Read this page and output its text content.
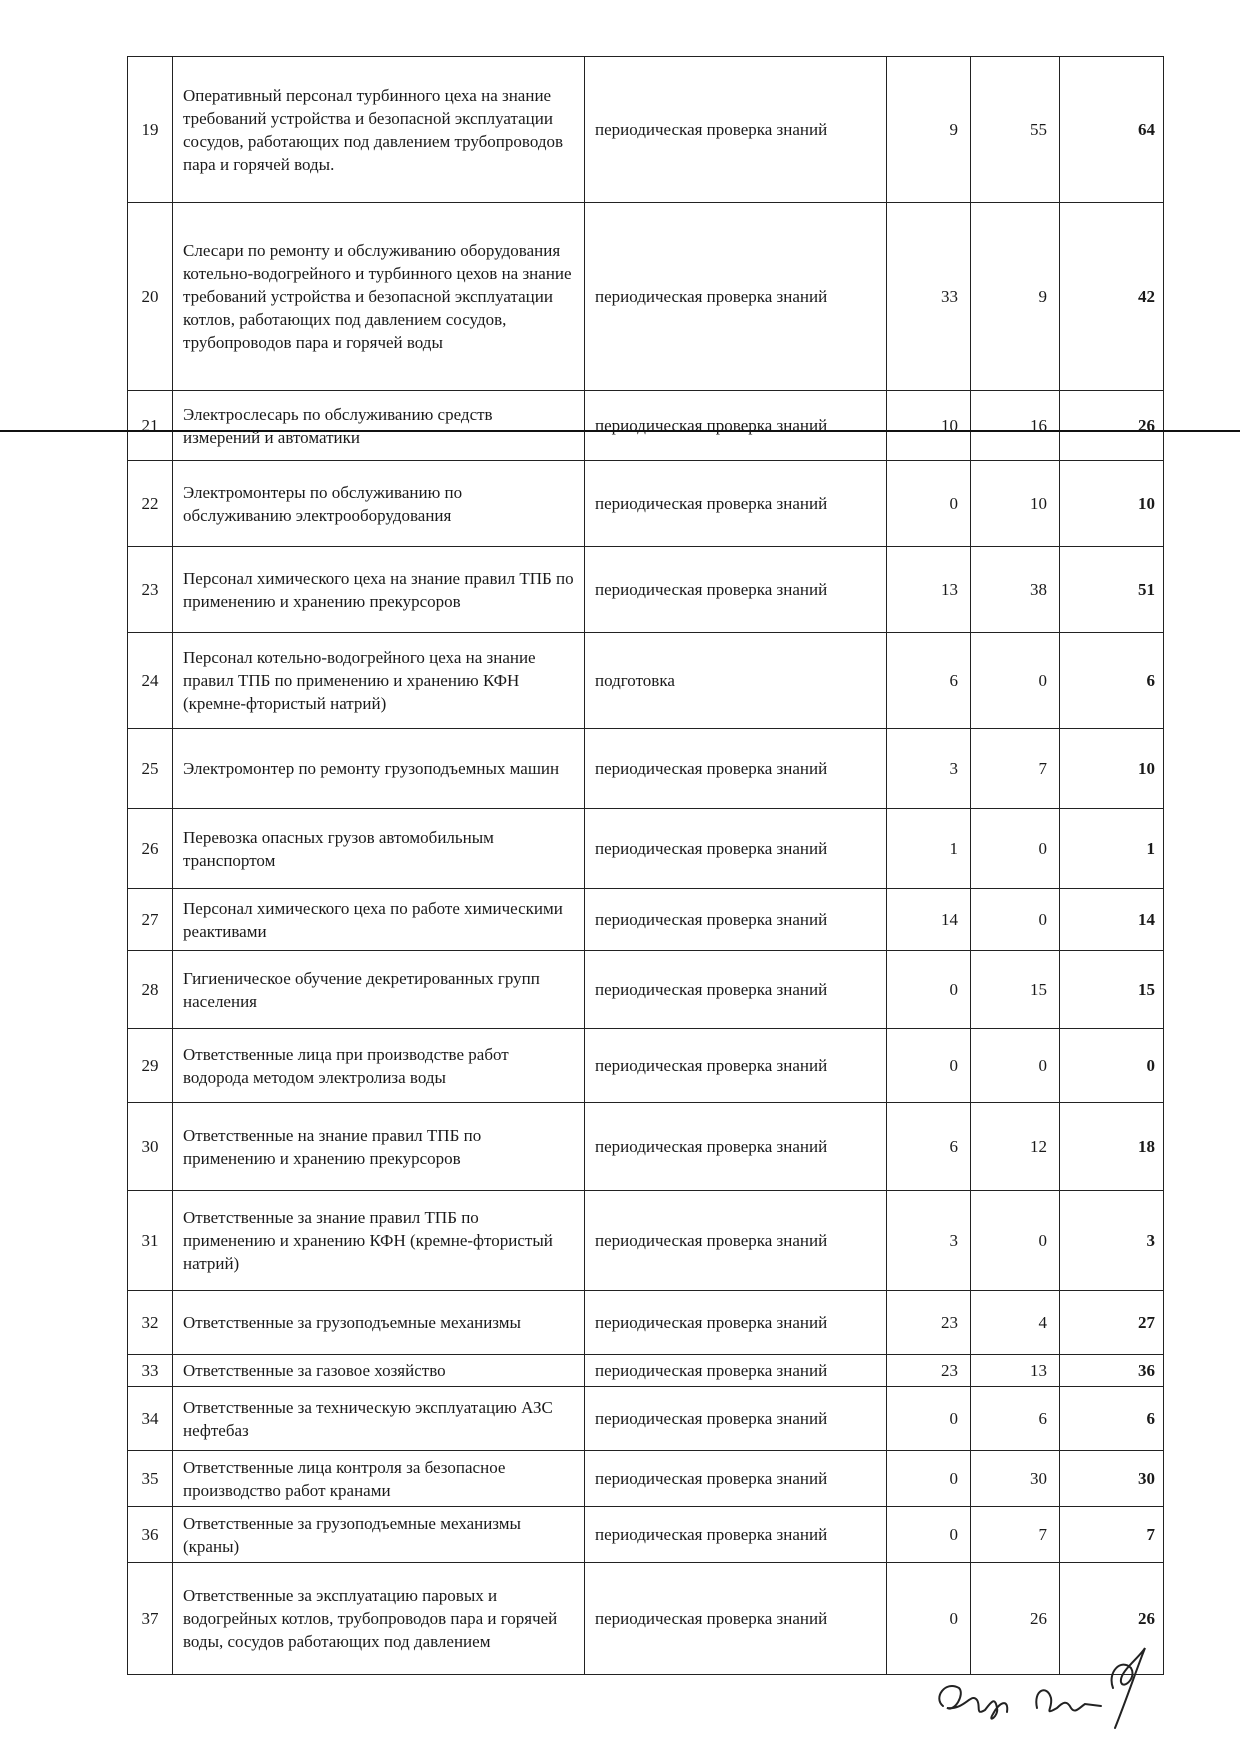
19	Оперативный персонал турбинного цеха на знание требований устройства и безопасной эксплуатации сосудов, работающих под давлением трубопроводов пара и горячей воды.	периодическая проверка знаний	9	55	64
20	Слесари по ремонту и обслуживанию оборудования котельно-водогрейного и турбинного цехов на знание требований устройства и безопасной эксплуатации котлов, работающих под давлением сосудов, трубопроводов пара и горячей воды	периодическая проверка знаний	33	9	42
21	Электрослесарь по обслуживанию средств измерений и автоматики	периодическая проверка знаний	10	16	26
22	Электромонтеры по обслуживанию по обслуживанию электрооборудования	периодическая проверка знаний	0	10	10
23	Персонал химического цеха на знание правил ТПБ по применению и хранению прекурсоров	периодическая проверка знаний	13	38	51
24	Персонал котельно-водогрейного цеха на знание правил ТПБ по применению и хранению КФН (кремне-фтористый натрий)	подготовка	6	0	6
25	Электромонтер по ремонту грузоподъемных машин	периодическая проверка знаний	3	7	10
26	Перевозка опасных грузов автомобильным транспортом	периодическая проверка знаний	1	0	1
27	Персонал химического цеха по работе химическими реактивами	периодическая проверка знаний	14	0	14
28	Гигиеническое обучение декретированных групп населения	периодическая проверка знаний	0	15	15
29	Ответственные лица при производстве работ водорода методом электролиза воды	периодическая проверка знаний	0	0	0
30	Ответственные на знание правил ТПБ по применению и хранению прекурсоров	периодическая проверка знаний	6	12	18
31	Ответственные за знание правил ТПБ по применению и хранению КФН (кремне-фтористый натрий)	периодическая проверка знаний	3	0	3
32	Ответственные за грузоподъемные механизмы	периодическая проверка знаний	23	4	27
33	Ответственные за газовое хозяйство	периодическая проверка знаний	23	13	36
34	Ответственные за техническую эксплуатацию АЗС нефтебаз	периодическая проверка знаний	0	6	6
35	Ответственные лица контроля за безопасное производство работ кранами	периодическая проверка знаний	0	30	30
36	Ответственные за грузоподъемные механизмы (краны)	периодическая проверка знаний	0	7	7
37	Ответственные за эксплуатацию паровых и водогрейных котлов, трубопроводов пара и горячей воды, сосудов работающих под давлением	периодическая проверка знаний	0	26	26
